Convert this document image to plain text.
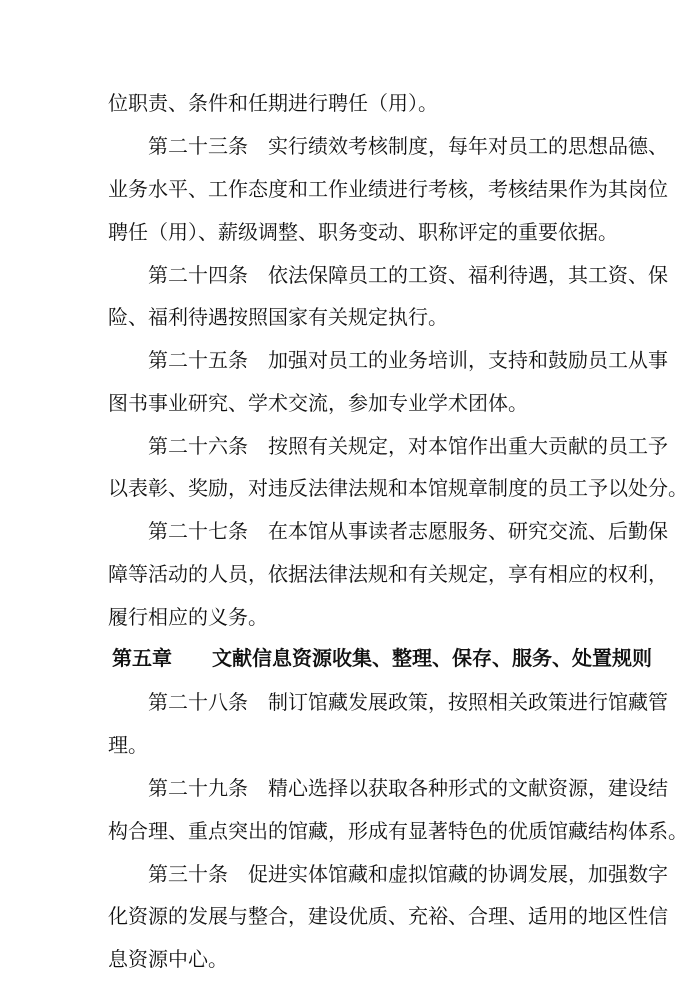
位职责、条件和任期进行聘任（用）。
第二十三条　实行绩效考核制度，每年对员工的思想品德、
业务水平、工作态度和工作业绩进行考核，考核结果作为其岗位
聘任（用）、薪级调整、职务变动、职称评定的重要依据。
第二十四条　依法保障员工的工资、福利待遇，其工资、保
险、福利待遇按照国家有关规定执行。
第二十五条　加强对员工的业务培训，支持和鼓励员工从事
图书事业研究、学术交流，参加专业学术团体。
第二十六条　按照有关规定，对本馆作出重大贡献的员工予
以表彰、奖励，对违反法律法规和本馆规章制度的员工予以处分。
第二十七条　在本馆从事读者志愿服务、研究交流、后勤保
障等活动的人员，依据法律法规和有关规定，享有相应的权利，
履行相应的义务。
第五章　　文献信息资源收集、整理、保存、服务、处置规则
第二十八条　制订馆藏发展政策，按照相关政策进行馆藏管
理。
第二十九条　精心选择以获取各种形式的文献资源，建设结
构合理、重点突出的馆藏，形成有显著特色的优质馆藏结构体系。
第三十条　促进实体馆藏和虚拟馆藏的协调发展，加强数字
化资源的发展与整合，建设优质、充裕、合理、适用的地区性信
息资源中心。
